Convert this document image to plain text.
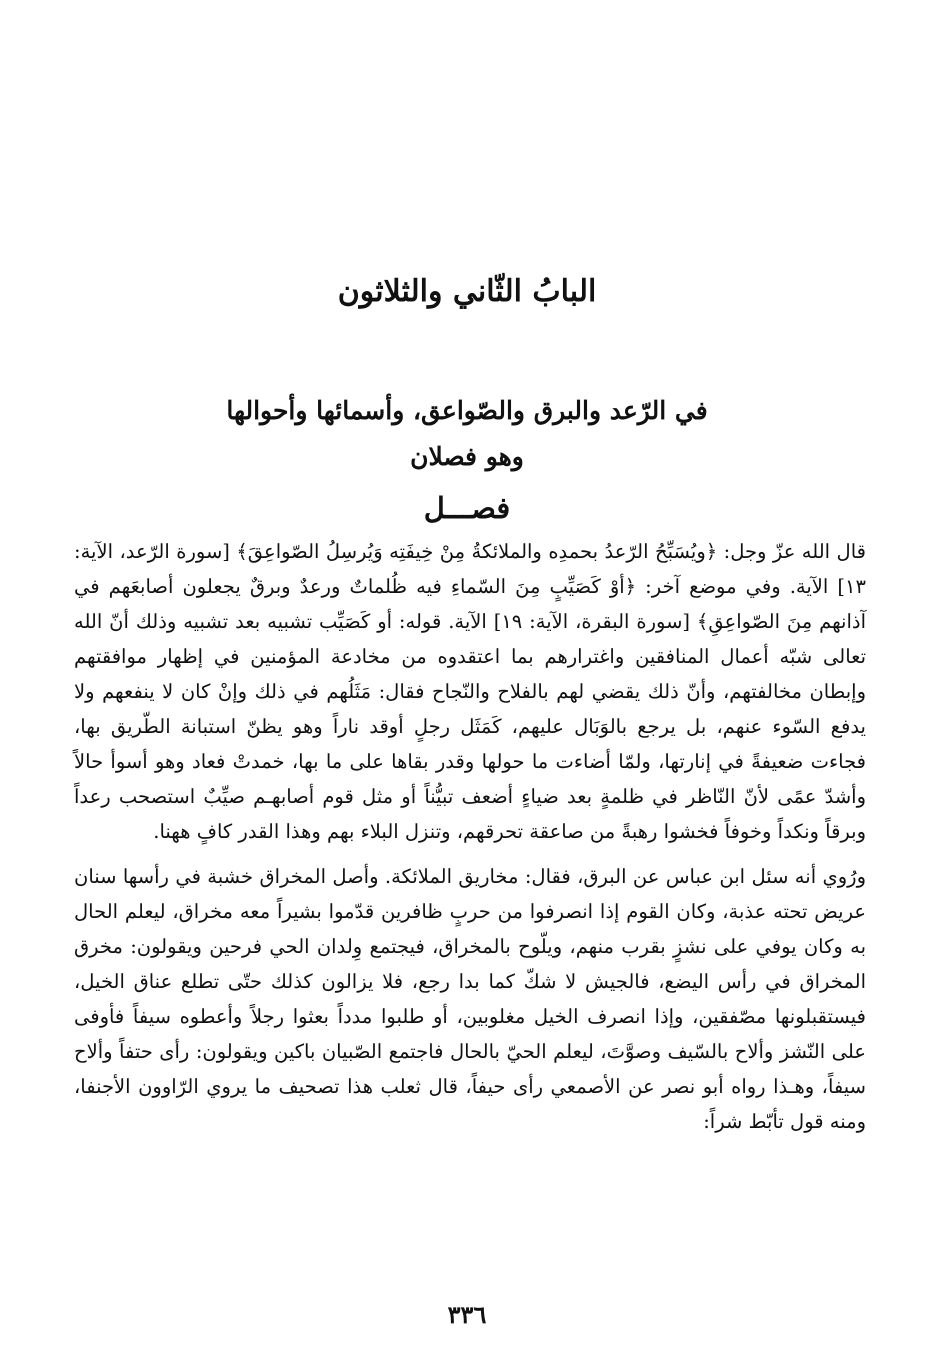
البابُ الثّاني والثلاثون
في الرّعد والبرق والصّواعق، وأسمائها وأحوالها
وهو فصلان
فصـــل

قال الله عزّ وجل: ﴿ويُسَبِّحُ الرّعدُ بحمدِه والملائكةُ مِنْ خِيفَتِه وَيُرسِلُ الصّواعِقَ﴾ [سورة الرّعد، الآية: ١٣] الآية. وفي موضع آخر: ﴿أوْ كَصَيِّبٍ مِنَ السّماءِ فيه ظُلماتٌ ورعدٌ وبرقٌ يجعلون أصابعَهم في آذانهم مِنَ الصّواعِقِ﴾ [سورة البقرة، الآية: ١٩] الآية. قوله: أو كَصَيِّب تشبيه بعد تشبيه وذلك أنّ الله تعالى شبّه أعمال المنافقين واغترارهم بما اعتقدوه من مخادعة المؤمنين في إظهار موافقتهم وإبطان مخالفتهم، وأنّ ذلك يقضي لهم بالفلاح والنّجاح فقال: مَثَلُهم في ذلك وإنْ كان لا ينفعهم ولا يدفع السّوء عنهم، بل يرجع بالوَبَال عليهم، كَمَثَل رجلٍ أوقد ناراً وهو يظنّ استبانة الطّريق بها، فجاءت ضعيفةً في إنارتها، ولمّا أضاءت ما حولها وقدر بقاها على ما بها، خمدتْ فعاد وهو أسوأ حالاً وأشدّ عمًى لأنّ النّاظر في ظلمةٍ بعد ضياءٍ أضعف تبيُّناً أو مثل قوم أصابهـم صيِّبٌ استصحب رعداً وبرقاً ونكداً وخوفاً فخشوا رهبةً من صاعقة تحرقهم، وتنزل البلاء بهم وهذا القدر كافٍ ههنا.

ورُوي أنه سئل ابن عباس عن البرق، فقال: مخاريق الملائكة. وأصل المخراق خشبة في رأسها سنان عريض تحته عذبة، وكان القوم إذا انصرفوا من حربٍ ظافرين قدّموا بشيراً معه مخراق، ليعلم الحال به وكان يوفي على نشزٍ بقرب منهم، ويلّوح بالمخراق، فيجتمع وِلدان الحي فرحين ويقولون: مخرق المخراق في رأس اليضع، فالجيش لا شكّ كما بدا رجع، فلا يزالون كذلك حتّى تطلع عناق الخيل، فيستقبلونها مصّفقين، وإذا انصرف الخيل مغلوبين، أو طلبوا مدداً بعثوا رجلاً وأعطوه سيفاً فأوفى على النّشز وألاح بالسّيف وصوَّتَ، ليعلم الحيّ بالحال فاجتمع الصّبيان باكين ويقولون: رأى حتفاً وألاح سيفاً، وهـذا رواه أبو نصر عن الأصمعي رأى حيفاً، قال ثعلب هذا تصحيف ما يروي الرّاوون الأجنفا، ومنه قول تأبّط شراً:

٣٣٦
